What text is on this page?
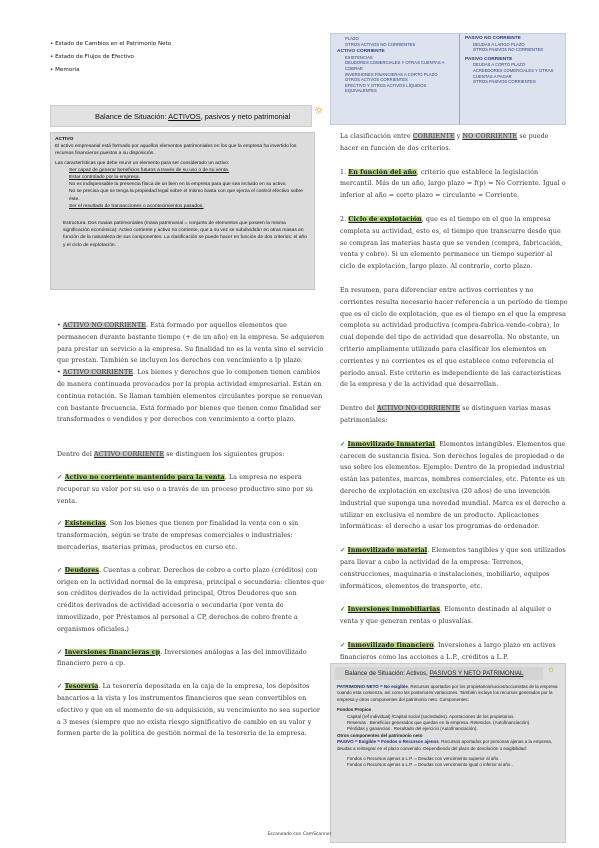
• Estado de Cambios en el Patrimonio Neto
• Estado de Flujos de Efectivo
• Memoria
Balance de Situación: ACTIVOS, pasivos y neto patrimonial	☼

ACTIVO

El activo empresarial está formado por aquellos elementos patrimoniales en los que la empresa ha invertido los recursos financieros puestos a su disposición.

Las características que debe reunir un elemento para ser considerado un activo:

Ser capaz de generar beneficios futuros a través de su uso o de su venta.

Estar controlado por la empresa.

No es indispensable la presencia física de un bien en la empresa para que sea incluido en su activo.

No se precisa que se tenga la propiedad legal sobre el mismo basta con que ejerza el control efectivo sobre éste.

Ser el resultado de transacciones o acontecimientos pasados.

Estructura. Dos masas patrimoniales (masa patrimonial = conjunto de elementos que poseen la misma significación económica): Activo corriente y activo no corriente, que a su vez se subdividirán en otras masas en función de la naturaleza de sus componentes. La clasificación se puede hacer en función de dos criterios: el año y el ciclo de explotación.

PLAZO
OTROS ACTIVOS NO CORRIENTES
ACTIVO CORRIENTE
EXISTENCIAS
DEUDORES COMERCIALES Y OTRAS CUENTAS A COBRAR
INVERSIONES FINANCIERAS A CORTO PLAZO
OTROS ACTIVOS CORRIENTES
EFECTIVO Y OTROS ACTIVOS LÍQUIDOS EQUIVALENTES
PASIVO NO CORRIENTE
DEUDAS A LARGO PLAZO
OTROS PASIVOS NO CORRIENTES
PASIVO CORRIENTE
DEUDAS A CORTO PLAZO
ACREEDORES COMERCIALES Y OTRAS CUENTAS A PAGAR
OTROS PASIVOS CORRIENTES
• ACTIVO NO CORRIENTE. Está formado por aquellos elementos que permanecen durante bastante tiempo (+ de un año) en la empresa. Se adquieren para prestar un servicio a la empresa. Su finalidad no es la venta sino el servicio que prestan. También se incluyen los derechos con vencimiento a lp plazo.
• ACTIVO CORRIENTE. Los bienes y derechos que lo componen tienen cambios de manera continuada provocados por la propia actividad empresarial. Están en continua rotación. Se llaman también elementos circulantes porque se renuevan con bastante frecuencia. Está formado por bienes que tienen como finalidad ser transformados o vendidos y por derechos con vencimiento a corto plazo.
Dentro del ACTIVO CORRIENTE se distinguen los siguientes grupos:
✓ Activo no corriente mantenido para la venta. La empresa no espera recuperar su valor por su uso o a través de un proceso productivo sino por su venta.
✓ Existencias. Son los bienes que tienen por finalidad la venta con o sin transformación, según se trate de empresas comerciales o industriales: mercaderías, materias primas, productos en curso etc.
✓ Deudores. Cuentas a cobrar. Derechos de cobro a corto plazo (créditos) con origen en la actividad normal de la empresa, principal o secundaria: clientes que son créditos derivados de la actividad principal, Otros Deudores que son créditos derivados de actividad accesoria o secundaria (por venta de inmovilizado, por Préstamos al personal a CP, derechos de cobro frente a organismos oficiales.)
✓ Inversiones financieras cp. Inversiones análogas a las del inmovilizado financiero pero a cp.
✓ Tesorería. La tesorería depositada en la caja de la empresa, los depósitos bancarios a la vista y los instrumentos financieros que sean convertibles en efectivo y que en el momento de su adquisición, su vencimiento no sea superior a 3 meses (siempre que no exista riesgo significativo de cambio en su valor y formen parte de la política de gestión normal de la tesorería de la empresa.
La clasificación entre CORRIENTE y NO CORRIENTE se puede hacer en función de dos criterios.
1. En función del año, criterio que establece la legislación mercantil. Más de un año, largo plazo = f(p) = No Corriente. Igual o inferior al año = corto plazo = circulante = Corriente.
2. Ciclo de explotación, que es el tiempo en el que la empresa completa su actividad, esto es, el tiempo que transcurre desde que se compran las materias hasta que se venden (compra, fabricación, venta y cobro). Si un elemento permanece un tiempo superior al ciclo de explotación, largo plazo. Al contrario, corto plazo.
En resumen, para diferenciar entre activos corrientes y no corrientes resulta necesario hacer referencia a un período de tiempo que es el ciclo de explotación, que es el tiempo en el que la empresa completa su actividad productiva (compra-fabrica-vende-cobra), lo cual depende del tipo de actividad que desarrolla. No obstante, un criterio ampliamente utilizado para clasificar los elementos en corrientes y no corrientes es el que establece como referencia el período anual. Este criterio es independiente de las características de la empresa y de la actividad que desarrollan.
Dentro del ACTIVO NO CORRIENTE se distinguen varias masas patrimoniales:
✓ Inmovilizado Inmaterial. Elementos intangibles. Elementos que carecen de sustancia física. Son derechos legales de propiedad o de uso sobre los elementos. Ejemplo: Dentro de la propiedad industrial están las patentes, marcas, nombres comerciales, etc. Patente es un derecho de explotación en exclusiva (20 años) de una invención industrial que suponga una novedad mundial. Marca es el derecho a utilizar en exclusiva el nombre de un producto. Aplicaciones informáticas: el derecho a usar los programas de ordenador.
✓ Inmovilizado material. Elementos tangibles y que son utilizados para llevar a cabo la actividad de la empresa: Terrenos, construcciones, maquinaria e instalaciones, mobiliario, equipos informáticos, elementos de transporte, etc.
✓ Inversiones inmobiliarias. Elemento destinado al alquiler o venta y que generan rentas o plusvalías.
✓ Inmovilizado financiero. Inversiones a largo plazo en activos financieros como las acciones a L.P., créditos a L.P.
Balance de Situación: Activos, PASIVOS Y NETO PATRIMONIAL	☼

PATRIMONIO NETO = No exigible. Recursos aportados por los propietarios/socios/accionistas de la empresa cuando esta comienza, así como las posteriores variaciones. También incluye los recursos generados por la empresa y otros componentes del patrimonio neto. Componentes:

Fondos Propios

Capital (ref individual) /Capital social (sociedades). Aportaciones de los propietarios.

Reservas . Beneficios generados que quedan en la empresa. Retenidos. (Autofinanciación).

Pérdidas y ganancias . Resultado del ejercicio (Autofinanciación).

Otros componentes del patrimonio neto

PASIVO = Exigible = Fondos o Recursos ajenos. Recursos aportados por personas ajenas a la empresa, deudas a reintegrar en el plazo convenido. Dependiendo del plazo de devolución o exigibilidad:

Fondos o Recursos ajenos a L.P. = Deudas con vencimiento superior al año .

Fondos o Recursos ajenos a L.P. = Deudas con vencimiento igual o inferior al año .

Escaneado con CamScanner
